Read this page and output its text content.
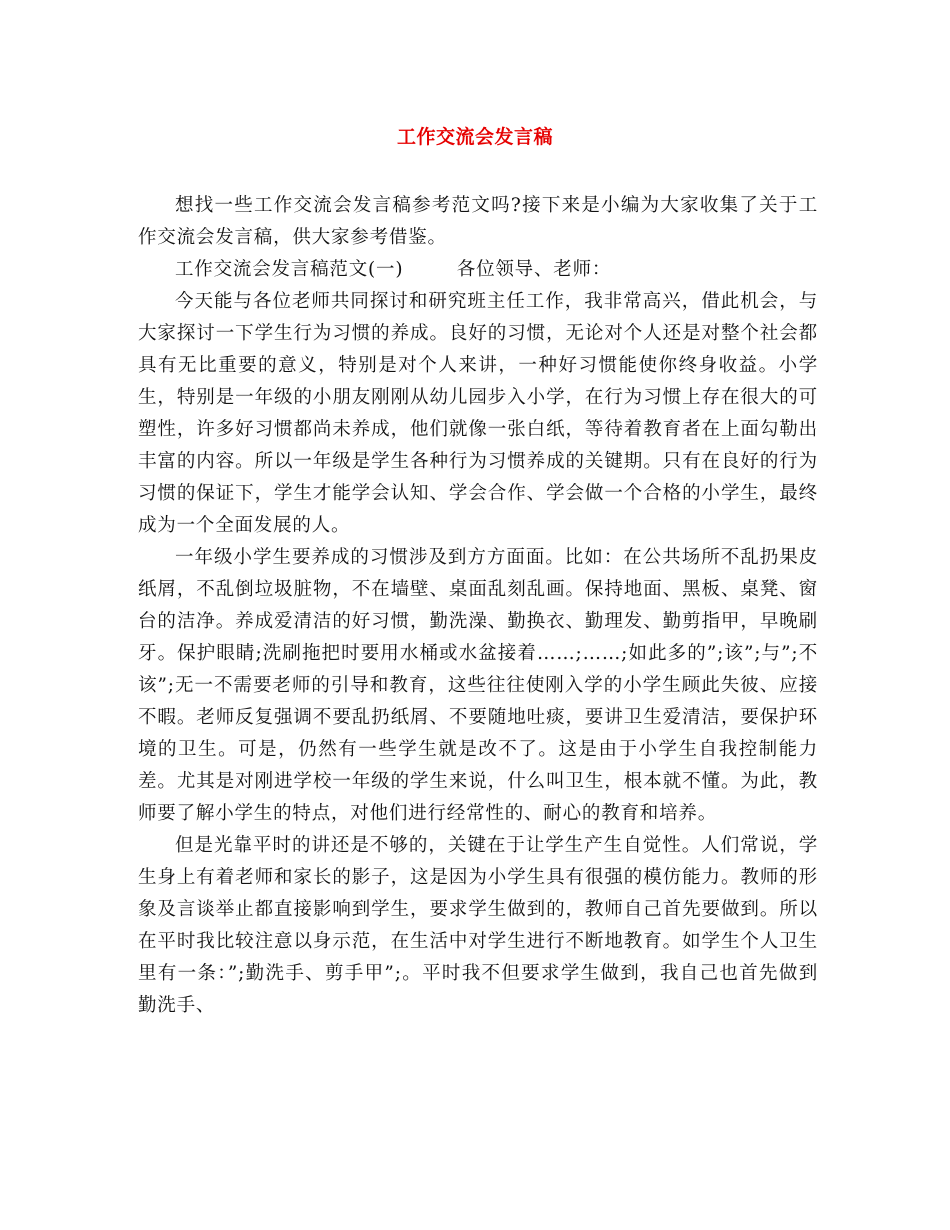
工作交流会发言稿

想找一些工作交流会发言稿参考范文吗?接下来是小编为大家收集了关于工作交流会发言稿，供大家参考借鉴。

工作交流会发言稿范文(一)        各位领导、老师：

今天能与各位老师共同探讨和研究班主任工作，我非常高兴，借此机会，与大家探讨一下学生行为习惯的养成。良好的习惯，无论对个人还是对整个社会都具有无比重要的意义，特别是对个人来讲，一种好习惯能使你终身收益。小学生，特别是一年级的小朋友刚刚从幼儿园步入小学，在行为习惯上存在很大的可塑性，许多好习惯都尚未养成，他们就像一张白纸，等待着教育者在上面勾勒出丰富的内容。所以一年级是学生各种行为习惯养成的关键期。只有在良好的行为习惯的保证下，学生才能学会认知、学会合作、学会做一个合格的小学生，最终成为一个全面发展的人。

一年级小学生要养成的习惯涉及到方方面面。比如：在公共场所不乱扔果皮纸屑，不乱倒垃圾脏物，不在墙壁、桌面乱刻乱画。保持地面、黑板、桌凳、窗台的洁净。养成爱清洁的好习惯，勤洗澡、勤换衣、勤理发、勤剪指甲，早晚刷牙。保护眼睛;洗刷拖把时要用水桶或水盆接着……;……;如此多的”;该”;与”;不该”;无一不需要老师的引导和教育，这些往往使刚入学的小学生顾此失彼、应接不暇。老师反复强调不要乱扔纸屑、不要随地吐痰，要讲卫生爱清洁，要保护环境的卫生。可是，仍然有一些学生就是改不了。这是由于小学生自我控制能力差。尤其是对刚进学校一年级的学生来说，什么叫卫生，根本就不懂。为此，教师要了解小学生的特点，对他们进行经常性的、耐心的教育和培养。

但是光靠平时的讲还是不够的，关键在于让学生产生自觉性。人们常说，学生身上有着老师和家长的影子，这是因为小学生具有很强的模仿能力。教师的形象及言谈举止都直接影响到学生，要求学生做到的，教师自己首先要做到。所以在平时我比较注意以身示范，在生活中对学生进行不断地教育。如学生个人卫生里有一条：”;勤洗手、剪手甲”;。平时我不但要求学生做到，我自己也首先做到勤洗手、
